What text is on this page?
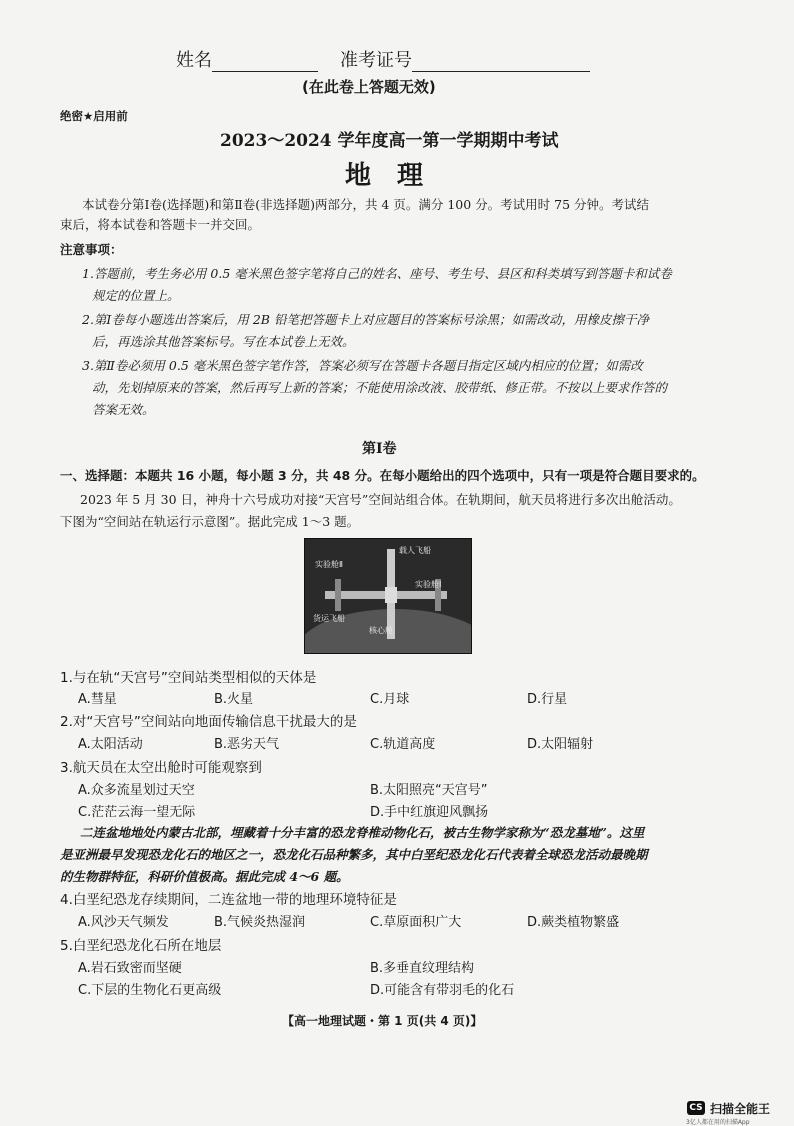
姓名	准考证号
(在此卷上答题无效)
绝密★启用前
2023～2024 学年度高一第一学期期中考试
地　理
本试卷分第Ⅰ卷(选择题)和第Ⅱ卷(非选择题)两部分，共 4 页。满分 100 分。考试用时 75 分钟。考试结
束后，将本试卷和答题卡一并交回。
注意事项：
1.答题前，考生务必用 0.5 毫米黑色签字笔将自己的姓名、座号、考生号、县区和科类填写到答题卡和试卷
规定的位置上。
2.第Ⅰ卷每小题选出答案后，用 2B 铅笔把答题卡上对应题目的答案标号涂黑；如需改动，用橡皮擦干净
后，再选涂其他答案标号。写在本试卷上无效。
3.第Ⅱ卷必须用 0.5 毫米黑色签字笔作答，答案必须写在答题卡各题目指定区域内相应的位置；如需改
动，先划掉原来的答案，然后再写上新的答案；不能使用涂改液、胶带纸、修正带。不按以上要求作答的
答案无效。
第Ⅰ卷
一、选择题：本题共 16 小题，每小题 3 分，共 48 分。在每小题给出的四个选项中，只有一项是符合题目要求的。
2023 年 5 月 30 日，神舟十六号成功对接“天宫号”空间站组合体。在轨期间，航天员将进行多次出舱活动。
下图为“空间站在轨运行示意图”。据此完成 1～3 题。
实验舱Ⅱ
载人飞船
实验舱Ⅰ
货运飞船
核心舱
1.与在轨“天宫号”空间站类型相似的天体是
A.彗星	B.火星	C.月球	D.行星
2.对“天宫号”空间站向地面传输信息干扰最大的是
A.太阳活动	B.恶劣天气	C.轨道高度	D.太阳辐射
3.航天员在太空出舱时可能观察到
A.众多流星划过天空	B.太阳照亮“天宫号”
C.茫茫云海一望无际	D.手中红旗迎风飘扬
二连盆地地处内蒙古北部，埋藏着十分丰富的恐龙脊椎动物化石，被古生物学家称为“恐龙墓地”。这里
是亚洲最早发现恐龙化石的地区之一，恐龙化石品种繁多，其中白垩纪恐龙化石代表着全球恐龙活动最晚期
的生物群特征，科研价值极高。据此完成 4～6 题。
4.白垩纪恐龙存续期间，二连盆地一带的地理环境特征是
A.风沙天气频发	B.气候炎热湿润	C.草原面积广大	D.蕨类植物繁盛
5.白垩纪恐龙化石所在地层
A.岩石致密而坚硬	B.多垂直纹理结构
C.下层的生物化石更高级	D.可能含有带羽毛的化石
【高一地理试题・第 1 页(共 4 页)】
CS 扫描全能王
3亿人都在用的扫描App
